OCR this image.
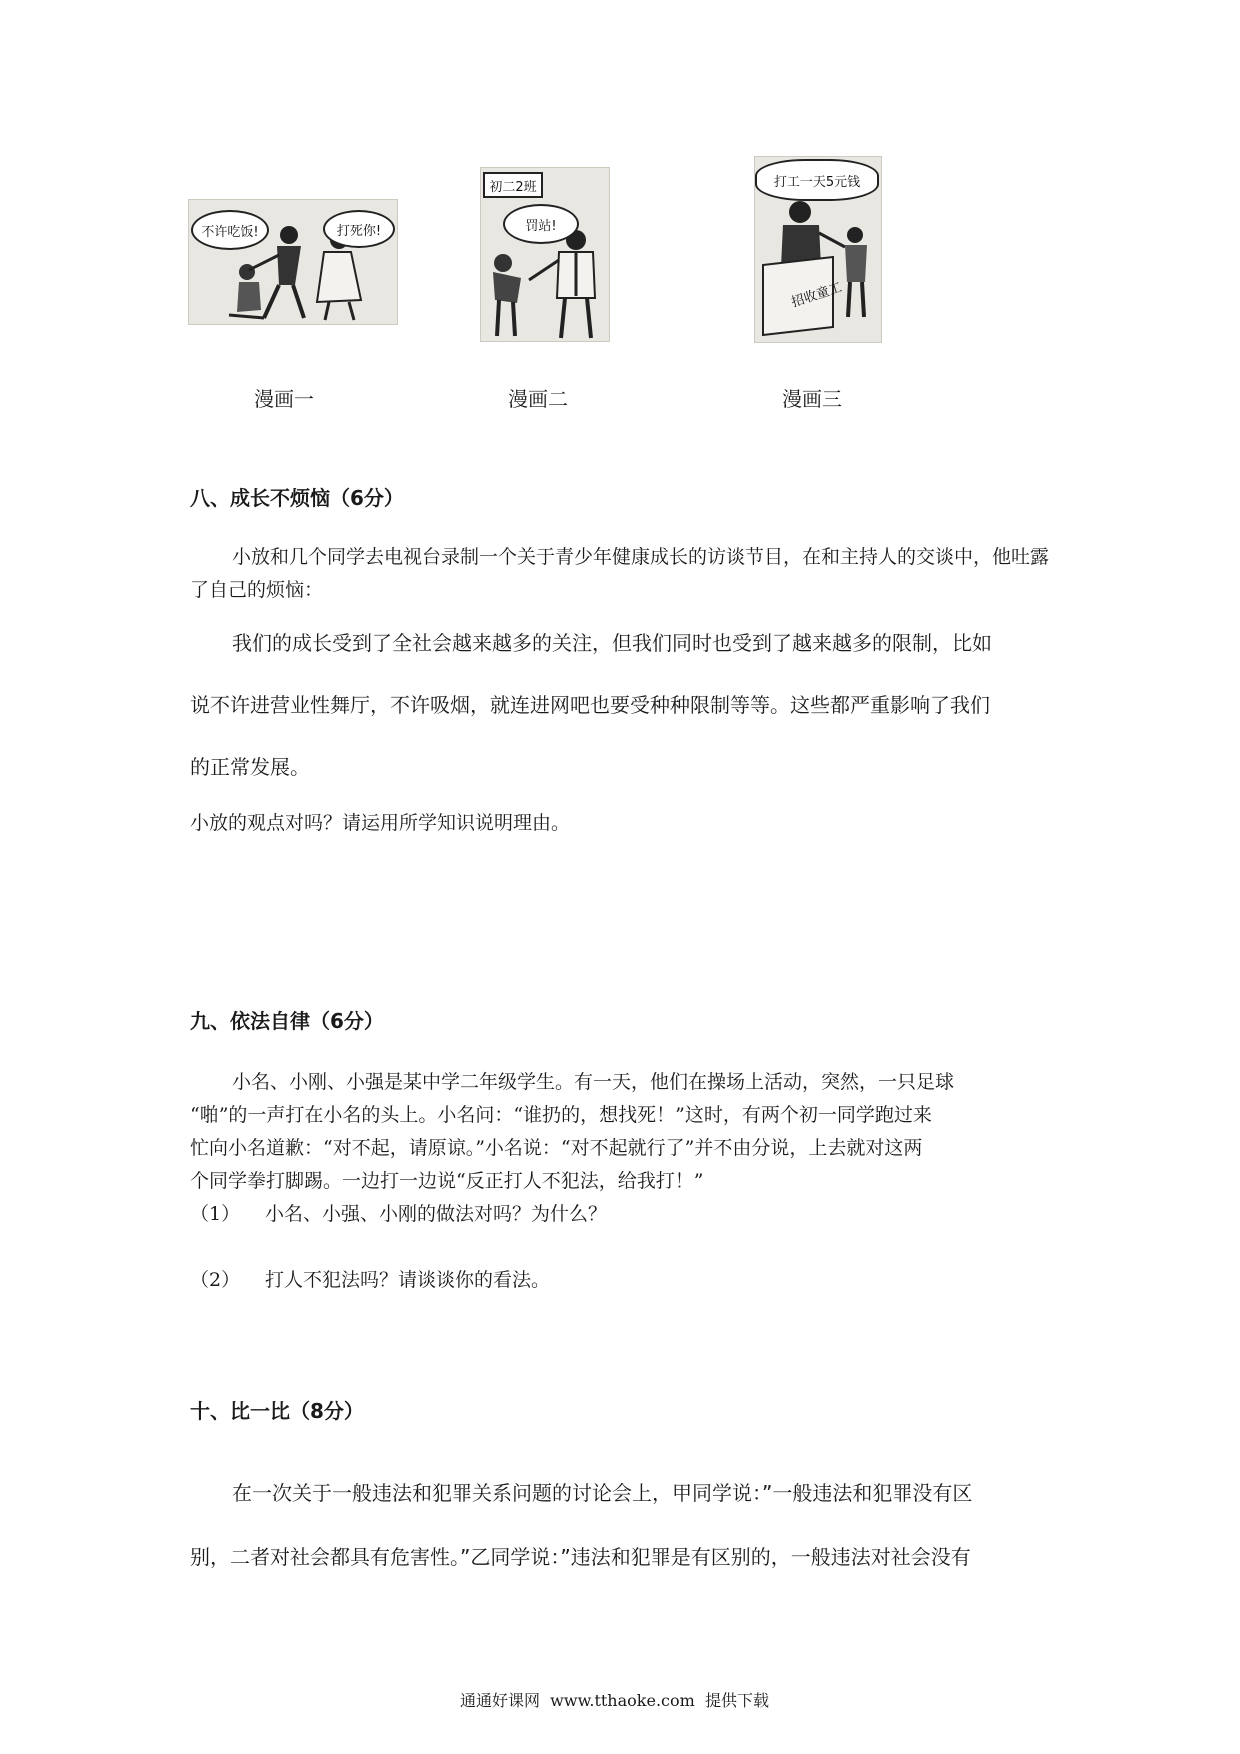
不许吃饭!	打死你!
漫画一
初二2班
罚站!
漫画二
打工一天5元钱
招收童工
漫画三
八、成长不烦恼（6分）
小放和几个同学去电视台录制一个关于青少年健康成长的访谈节目，在和主持人的交谈中，他吐露了自己的烦恼：
我们的成长受到了全社会越来越多的关注，但我们同时也受到了越来越多的限制，比如
说不许进营业性舞厅，不许吸烟，就连进网吧也要受种种限制等等。这些都严重影响了我们
的正常发展。
小放的观点对吗？请运用所学知识说明理由。
九、依法自律（6分）
小名、小刚、小强是某中学二年级学生。有一天，他们在操场上活动，突然，一只足球
“啪”的一声打在小名的头上。小名问：“谁扔的，想找死！”这时，有两个初一同学跑过来
忙向小名道歉：“对不起，请原谅。”小名说：“对不起就行了”并不由分说，上去就对这两
个同学拳打脚踢。一边打一边说“反正打人不犯法，给我打！”
（1） 小名、小强、小刚的做法对吗？为什么？
（2） 打人不犯法吗？请谈谈你的看法。
十、比一比（8分）
在一次关于一般违法和犯罪关系问题的讨论会上，甲同学说：”一般违法和犯罪没有区
别，二者对社会都具有危害性。”乙同学说：”违法和犯罪是有区别的，一般违法对社会没有
通通好课网  www.tthaoke.com  提供下载
